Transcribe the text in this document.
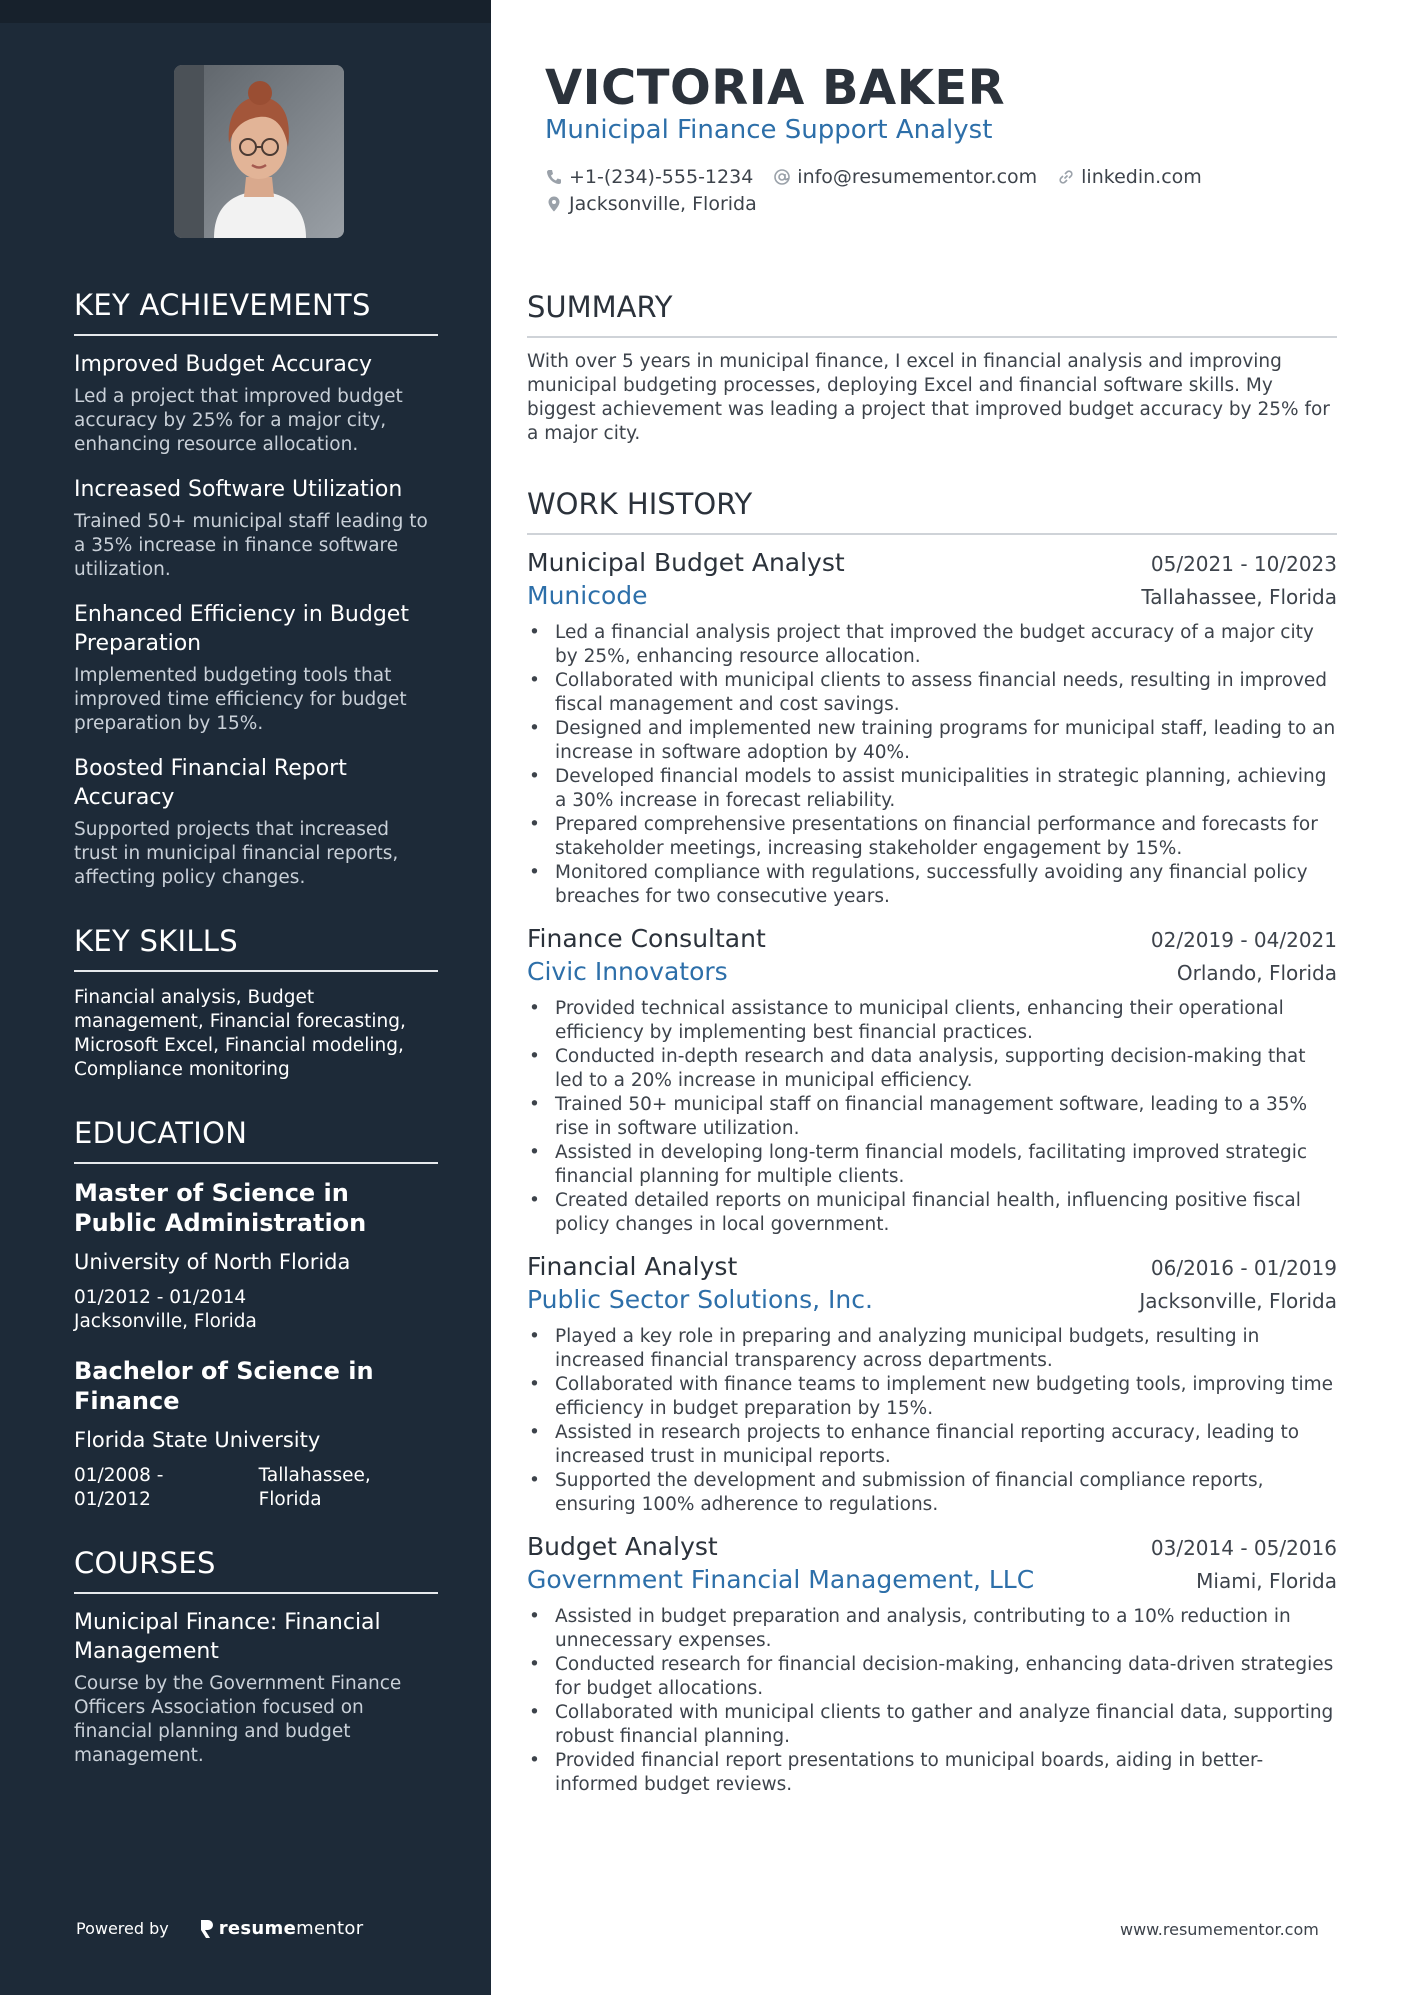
KEY ACHIEVEMENTS
Improved Budget Accuracy
Led a project that improved budget accuracy by 25% for a major city, enhancing resource allocation.
Increased Software Utilization
Trained 50+ municipal staff leading to a 35% increase in finance software utilization.
Enhanced Efficiency in Budget Preparation
Implemented budgeting tools that improved time efficiency for budget preparation by 15%.
Boosted Financial Report Accuracy
Supported projects that increased trust in municipal financial reports, affecting policy changes.
KEY SKILLS
Financial analysis, Budget management, Financial forecasting, Microsoft Excel, Financial modeling, Compliance monitoring
EDUCATION
Master of Science in Public Administration
University of North Florida
01/2012 - 01/2014
Jacksonville, Florida
Bachelor of Science in Finance
Florida State University
01/2008 - 01/2012
Tallahassee, Florida
COURSES
Municipal Finance: Financial Management
Course by the Government Finance Officers Association focused on financial planning and budget management.
Powered by	resume mentor
VICTORIA BAKER
Municipal Finance Support Analyst
+1-(234)-555-1234 info@resumementor.com linkedin.com
Jacksonville, Florida
SUMMARY
With over 5 years in municipal finance, I excel in financial analysis and improving municipal budgeting processes, deploying Excel and financial software skills. My biggest achievement was leading a project that improved budget accuracy by 25% for a major city.
WORK HISTORY
Municipal Budget Analyst	05/2021 - 10/2023
Municode	Tallahassee, Florida
• Led a financial analysis project that improved the budget accuracy of a major city by 25%, enhancing resource allocation.
• Collaborated with municipal clients to assess financial needs, resulting in improved fiscal management and cost savings.
• Designed and implemented new training programs for municipal staff, leading to an increase in software adoption by 40%.
• Developed financial models to assist municipalities in strategic planning, achieving a 30% increase in forecast reliability.
• Prepared comprehensive presentations on financial performance and forecasts for stakeholder meetings, increasing stakeholder engagement by 15%.
• Monitored compliance with regulations, successfully avoiding any financial policy breaches for two consecutive years.
Finance Consultant	02/2019 - 04/2021
Civic Innovators	Orlando, Florida
• Provided technical assistance to municipal clients, enhancing their operational efficiency by implementing best financial practices.
• Conducted in-depth research and data analysis, supporting decision-making that led to a 20% increase in municipal efficiency.
• Trained 50+ municipal staff on financial management software, leading to a 35% rise in software utilization.
• Assisted in developing long-term financial models, facilitating improved strategic financial planning for multiple clients.
• Created detailed reports on municipal financial health, influencing positive fiscal policy changes in local government.
Financial Analyst	06/2016 - 01/2019
Public Sector Solutions, Inc.	Jacksonville, Florida
• Played a key role in preparing and analyzing municipal budgets, resulting in increased financial transparency across departments.
• Collaborated with finance teams to implement new budgeting tools, improving time efficiency in budget preparation by 15%.
• Assisted in research projects to enhance financial reporting accuracy, leading to increased trust in municipal reports.
• Supported the development and submission of financial compliance reports, ensuring 100% adherence to regulations.
Budget Analyst	03/2014 - 05/2016
Government Financial Management, LLC	Miami, Florida
• Assisted in budget preparation and analysis, contributing to a 10% reduction in unnecessary expenses.
• Conducted research for financial decision-making, enhancing data-driven strategies for budget allocations.
• Collaborated with municipal clients to gather and analyze financial data, supporting robust financial planning.
• Provided financial report presentations to municipal boards, aiding in better-informed budget reviews.
www.resumementor.com
